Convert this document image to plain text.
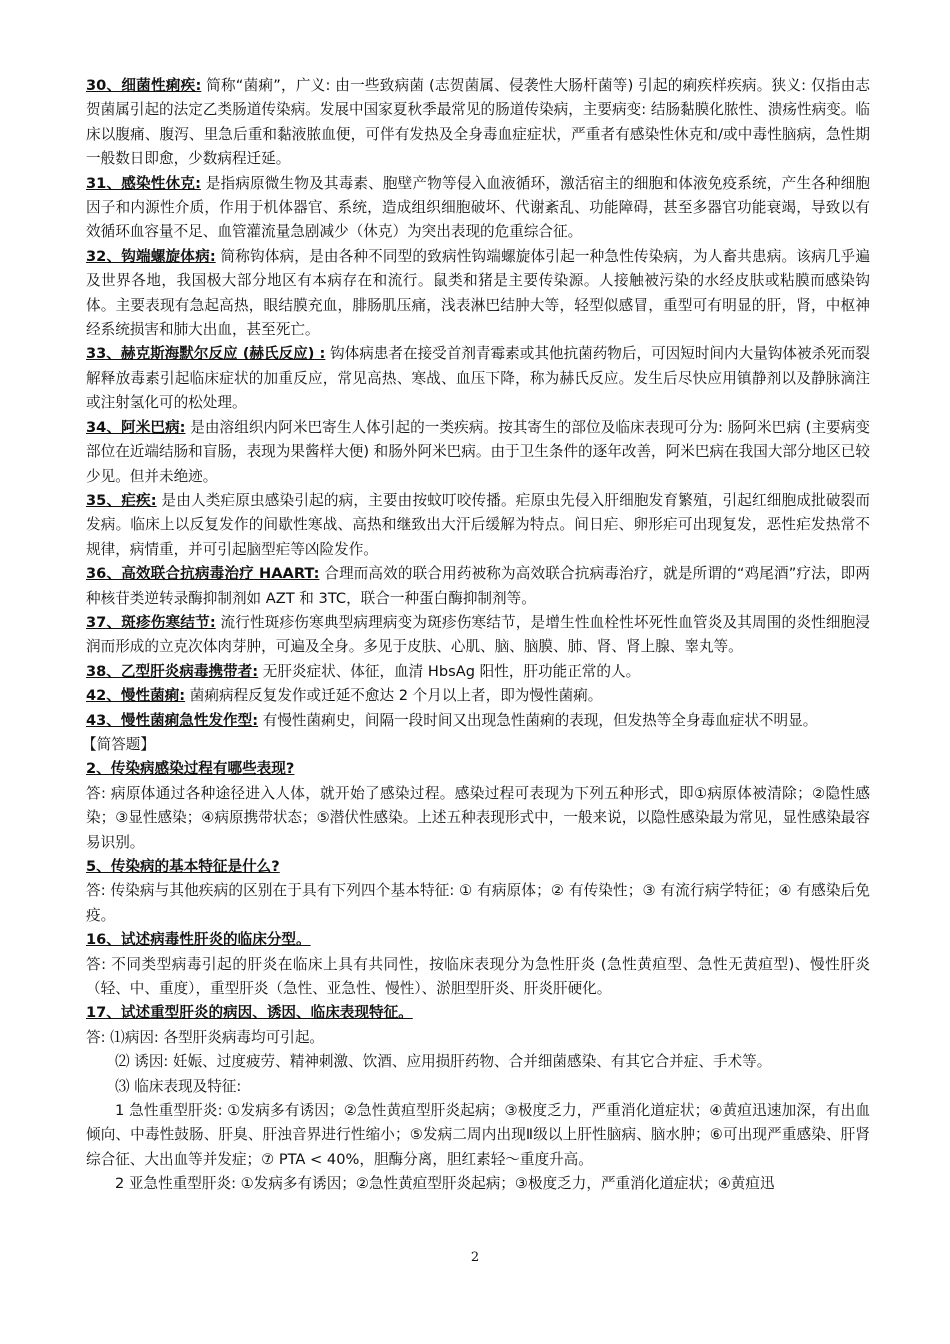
30、细菌性痢疾: 简称“菌痢”，广义: 由一些致病菌 (志贺菌属、侵袭性大肠杆菌等) 引起的痢疾样疾病。狭义: 仅指由志贺菌属引起的法定乙类肠道传染病。发展中国家夏秋季最常见的肠道传染病，主要病变: 结肠黏膜化脓性、溃疡性病变。临床以腹痛、腹泻、里急后重和黏液脓血便，可伴有发热及全身毒血症症状，严重者有感染性休克和/或中毒性脑病，急性期一般数日即愈，少数病程迁延。

31、感染性休克: 是指病原微生物及其毒素、胞壁产物等侵入血液循环，激活宿主的细胞和体液免疫系统，产生各种细胞因子和内源性介质，作用于机体器官、系统，造成组织细胞破坏、代谢紊乱、功能障碍，甚至多器官功能衰竭，导致以有效循环血容量不足、血管灌流量急剧减少（休克）为突出表现的危重综合征。

32、钩端螺旋体病: 简称钩体病，是由各种不同型的致病性钩端螺旋体引起一种急性传染病，为人畜共患病。该病几乎遍及世界各地，我国极大部分地区有本病存在和流行。鼠类和猪是主要传染源。人接触被污染的水经皮肤或粘膜而感染钩体。主要表现有急起高热，眼结膜充血，腓肠肌压痛，浅表淋巴结肿大等，轻型似感冒，重型可有明显的肝，肾，中枢神经系统损害和肺大出血，甚至死亡。

33、赫克斯海默尔反应 (赫氏反应) : 钩体病患者在接受首剂青霉素或其他抗菌药物后，可因短时间内大量钩体被杀死而裂解释放毒素引起临床症状的加重反应，常见高热、寒战、血压下降，称为赫氏反应。发生后尽快应用镇静剂以及静脉滴注或注射氢化可的松处理。

34、阿米巴病: 是由溶组织内阿米巴寄生人体引起的一类疾病。按其寄生的部位及临床表现可分为: 肠阿米巴病 (主要病变部位在近端结肠和盲肠，表现为果酱样大便) 和肠外阿米巴病。由于卫生条件的逐年改善，阿米巴病在我国大部分地区已较少见。但并未绝迹。

35、疟疾: 是由人类疟原虫感染引起的病，主要由按蚊叮咬传播。疟原虫先侵入肝细胞发育繁殖，引起红细胞成批破裂而发病。临床上以反复发作的间歇性寒战、高热和继致出大汗后缓解为特点。间日疟、卵形疟可出现复发，恶性疟发热常不规律，病情重，并可引起脑型疟等凶险发作。

36、高效联合抗病毒治疗 HAART: 合理而高效的联合用药被称为高效联合抗病毒治疗，就是所谓的“鸡尾酒”疗法，即两种核苷类逆转录酶抑制剂如 AZT 和 3TC，联合一种蛋白酶抑制剂等。

37、斑疹伤寒结节: 流行性斑疹伤寒典型病理病变为斑疹伤寒结节，是增生性血栓性坏死性血管炎及其周围的炎性细胞浸润而形成的立克次体肉芽肿，可遍及全身。多见于皮肤、心肌、脑、脑膜、肺、肾、肾上腺、睾丸等。

38、乙型肝炎病毒携带者: 无肝炎症状、体征，血清 HbsAg 阳性，肝功能正常的人。

42、慢性菌痢: 菌痢病程反复发作或迁延不愈达 2 个月以上者，即为慢性菌痢。

43、慢性菌痢急性发作型: 有慢性菌痢史，间隔一段时间又出现急性菌痢的表现，但发热等全身毒血症状不明显。

【简答题】

2、传染病感染过程有哪些表现?

答: 病原体通过各种途径进入人体，就开始了感染过程。感染过程可表现为下列五种形式，即①病原体被清除；②隐性感染；③显性感染；④病原携带状态；⑤潜伏性感染。上述五种表现形式中，一般来说，以隐性感染最为常见，显性感染最容易识别。

5、传染病的基本特征是什么?

答: 传染病与其他疾病的区别在于具有下列四个基本特征: ① 有病原体；② 有传染性；③ 有流行病学特征；④ 有感染后免疫。

16、试述病毒性肝炎的临床分型。

答: 不同类型病毒引起的肝炎在临床上具有共同性，按临床表现分为急性肝炎 (急性黄疸型、急性无黄疸型)、慢性肝炎（轻、中、重度），重型肝炎（急性、亚急性、慢性）、淤胆型肝炎、肝炎肝硬化。

17、试述重型肝炎的病因、诱因、临床表现特征。

答: ⑴病因: 各型肝炎病毒均可引起。

⑵ 诱因: 妊娠、过度疲劳、精神刺激、饮酒、应用损肝药物、合并细菌感染、有其它合并症、手术等。

⑶ 临床表现及特征:

1 急性重型肝炎: ①发病多有诱因；②急性黄疸型肝炎起病；③极度乏力，严重消化道症状；④黄疸迅速加深，有出血倾向、中毒性鼓肠、肝臭、肝浊音界进行性缩小；⑤发病二周内出现Ⅱ级以上肝性脑病、脑水肿；⑥可出现严重感染、肝肾综合征、大出血等并发症；⑦ PTA < 40%，胆酶分离，胆红素轻～重度升高。

2 亚急性重型肝炎: ①发病多有诱因；②急性黄疸型肝炎起病；③极度乏力，严重消化道症状；④黄疸迅

2
